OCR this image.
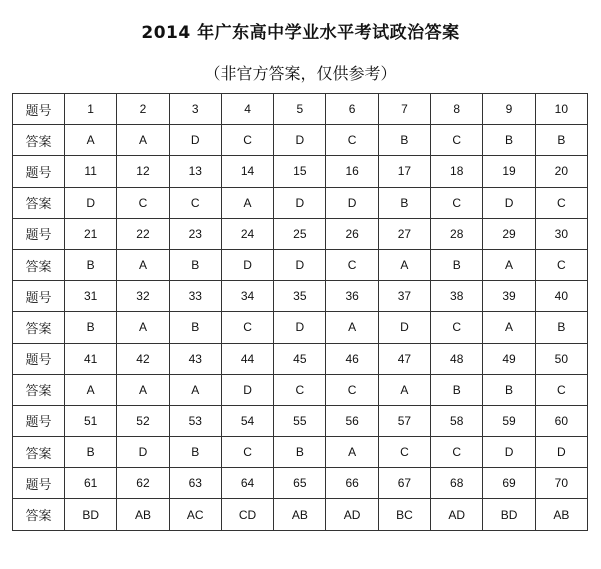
2014 年广东高中学业水平考试政治答案
（非官方答案，仅供参考）
题号	1	2	3	4	5	6	7	8	9	10
答案	A	A	D	C	D	C	B	C	B	B
题号	11	12	13	14	15	16	17	18	19	20
答案	D	C	C	A	D	D	B	C	D	C
题号	21	22	23	24	25	26	27	28	29	30
答案	B	A	B	D	D	C	A	B	A	C
题号	31	32	33	34	35	36	37	38	39	40
答案	B	A	B	C	D	A	D	C	A	B
题号	41	42	43	44	45	46	47	48	49	50
答案	A	A	A	D	C	C	A	B	B	C
题号	51	52	53	54	55	56	57	58	59	60
答案	B	D	B	C	B	A	C	C	D	D
题号	61	62	63	64	65	66	67	68	69	70
答案	BD	AB	AC	CD	AB	AD	BC	AD	BD	AB
